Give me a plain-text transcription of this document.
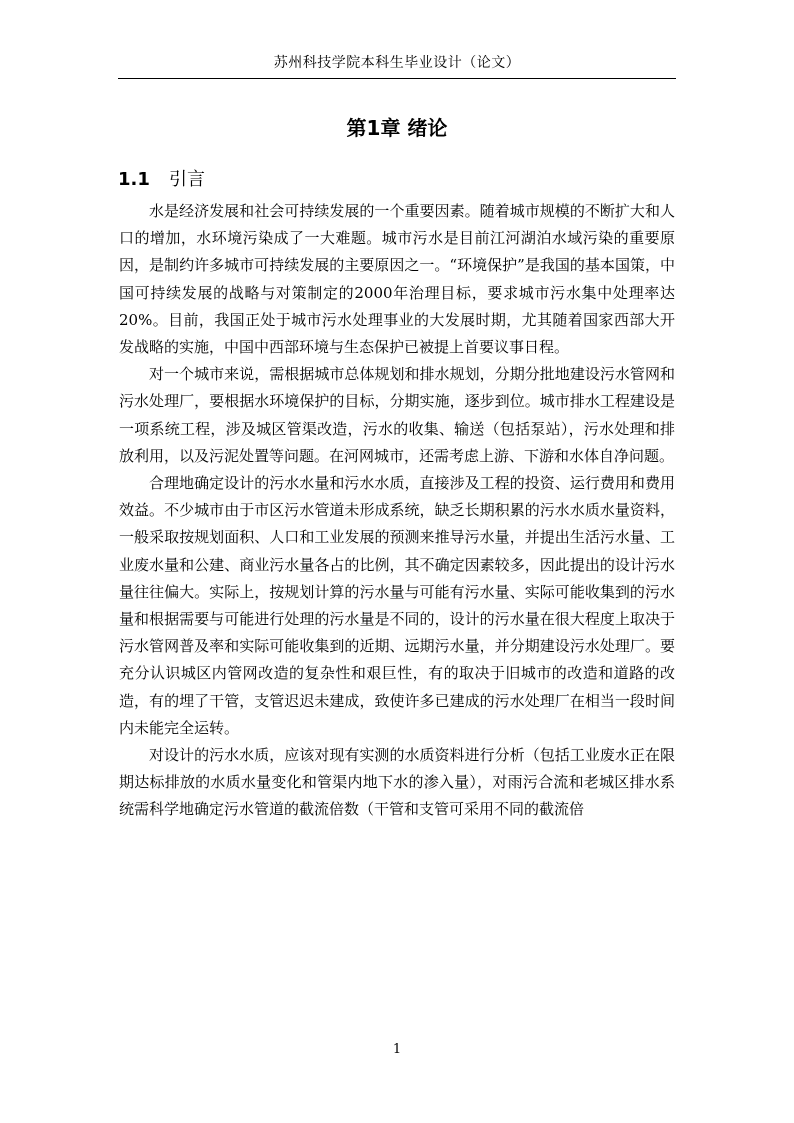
苏州科技学院本科生毕业设计（论文）
第1章 绪论
1.1 引言

水是经济发展和社会可持续发展的一个重要因素。随着城市规模的不断扩大和人口的增加，水环境污染成了一大难题。城市污水是目前江河湖泊水域污染的重要原因，是制约许多城市可持续发展的主要原因之一。“环境保护”是我国的基本国策，中国可持续发展的战略与对策制定的2000年治理目标，要求城市污水集中处理率达20%。目前，我国正处于城市污水处理事业的大发展时期，尤其随着国家西部大开发战略的实施，中国中西部环境与生态保护已被提上首要议事日程。

对一个城市来说，需根据城市总体规划和排水规划，分期分批地建设污水管网和污水处理厂，要根据水环境保护的目标，分期实施，逐步到位。城市排水工程建设是一项系统工程，涉及城区管渠改造，污水的收集、输送（包括泵站），污水处理和排放利用，以及污泥处置等问题。在河网城市，还需考虑上游、下游和水体自净问题。

合理地确定设计的污水水量和污水水质，直接涉及工程的投资、运行费用和费用效益。不少城市由于市区污水管道未形成系统，缺乏长期积累的污水水质水量资料，一般采取按规划面积、人口和工业发展的预测来推导污水量，并提出生活污水量、工业废水量和公建、商业污水量各占的比例，其不确定因素较多，因此提出的设计污水量往往偏大。实际上，按规划计算的污水量与可能有污水量、实际可能收集到的污水量和根据需要与可能进行处理的污水量是不同的，设计的污水量在很大程度上取决于污水管网普及率和实际可能收集到的近期、远期污水量，并分期建设污水处理厂。要充分认识城区内管网改造的复杂性和艰巨性，有的取决于旧城市的改造和道路的改造，有的埋了干管，支管迟迟未建成，致使许多已建成的污水处理厂在相当一段时间内未能完全运转。

对设计的污水水质，应该对现有实测的水质资料进行分析（包括工业废水正在限期达标排放的水质水量变化和管渠内地下水的渗入量），对雨污合流和老城区排水系统需科学地确定污水管道的截流倍数（干管和支管可采用不同的截流倍

1
